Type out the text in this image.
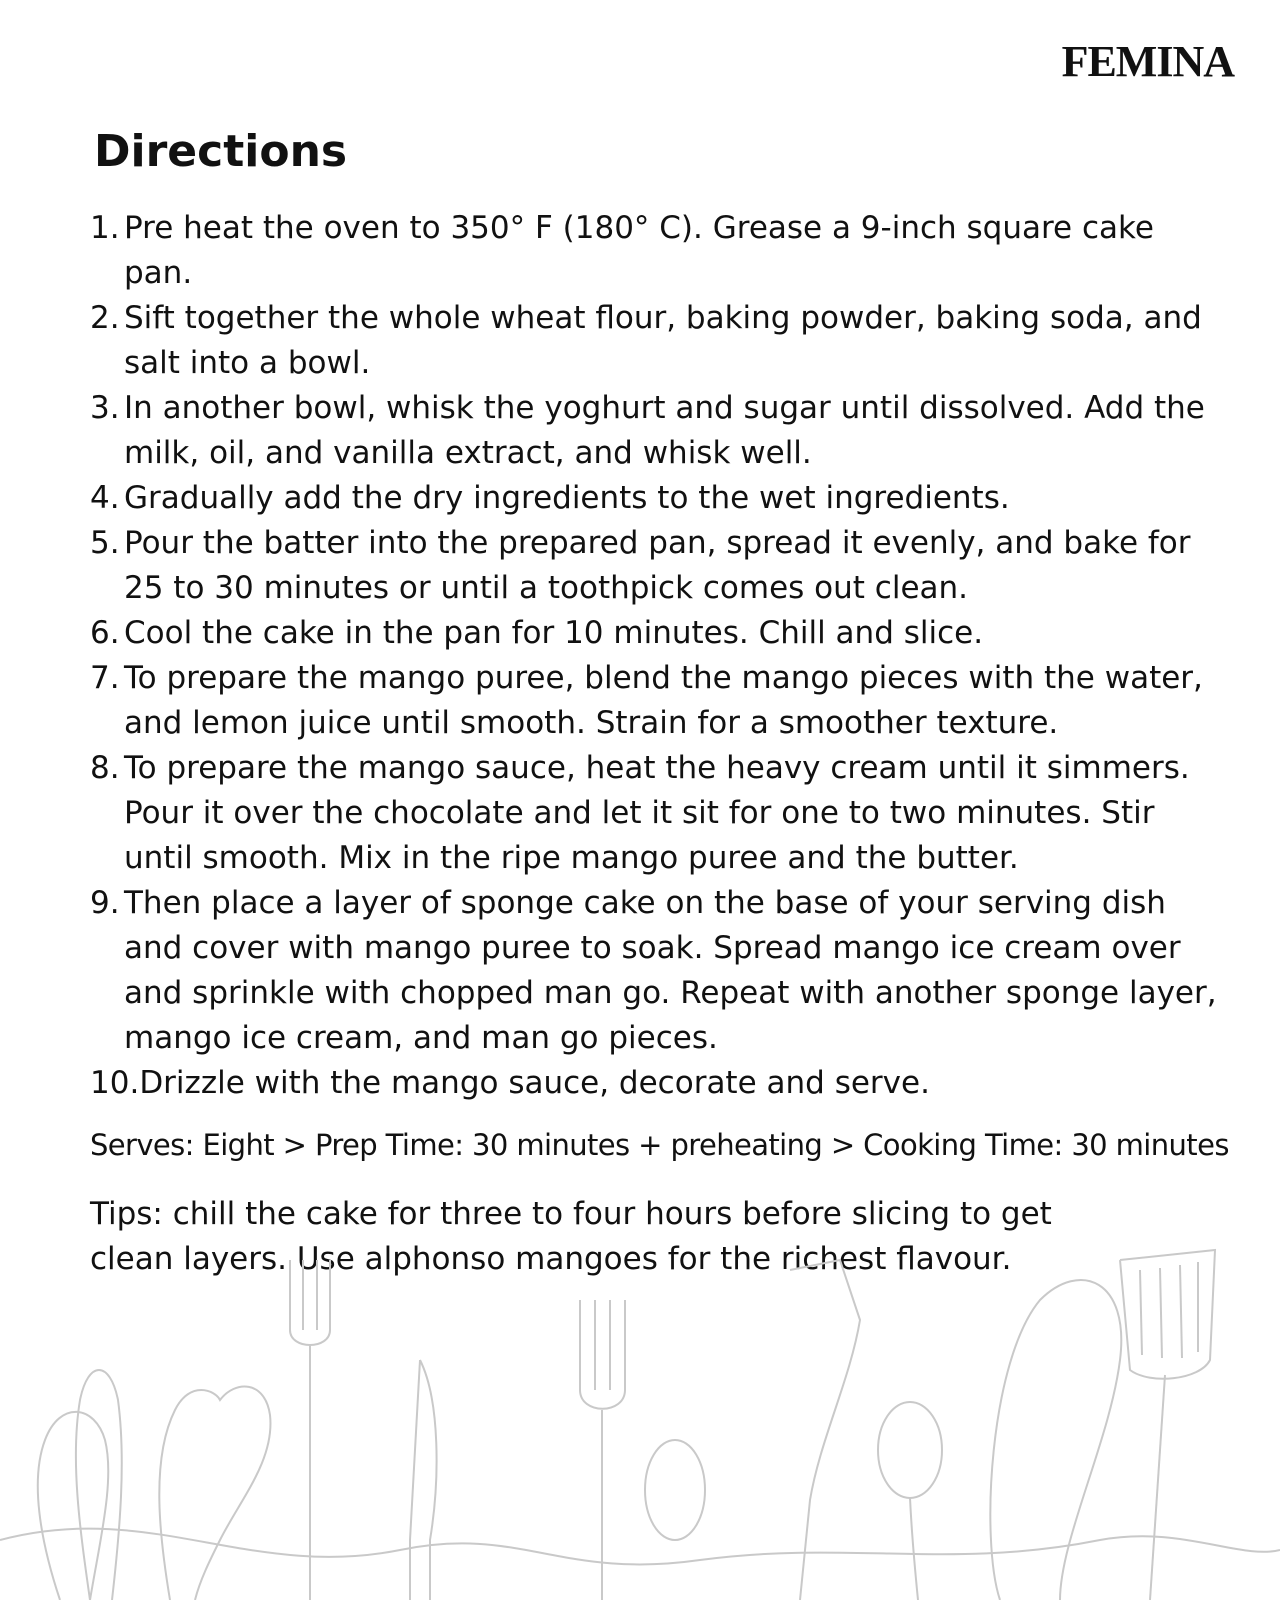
FEMINA
Directions
1. Pre heat the oven to 350° F (180° C). Grease a 9-inch square cake pan.
2. Sift together the whole wheat flour, baking powder, baking soda, and salt into a bowl.
3. In another bowl, whisk the yoghurt and sugar until dissolved. Add the milk, oil, and vanilla extract, and whisk well.
4. Gradually add the dry ingredients to the wet ingredients.
5. Pour the batter into the prepared pan, spread it evenly, and bake for 25 to 30 minutes or until a toothpick comes out clean.
6. Cool the cake in the pan for 10 minutes. Chill and slice.
7. To prepare the mango puree, blend the mango pieces with the water, and lemon juice until smooth. Strain for a smoother texture.
8. To prepare the mango sauce, heat the heavy cream until it simmers. Pour it over the chocolate and let it sit for one to two minutes. Stir until smooth. Mix in the ripe mango puree and the butter.
9. Then place a layer of sponge cake on the base of your serving dish and cover with mango puree to soak. Spread mango ice cream over and sprinkle with chopped man go. Repeat with another sponge layer, mango ice cream, and man go pieces.
10. Drizzle with the mango sauce, decorate and serve.

Serves: Eight > Prep Time: 30 minutes + preheating > Cooking Time: 30 minutes

Tips: chill the cake for three to four hours before slicing to get clean layers. Use alphonso mangoes for the richest flavour.
